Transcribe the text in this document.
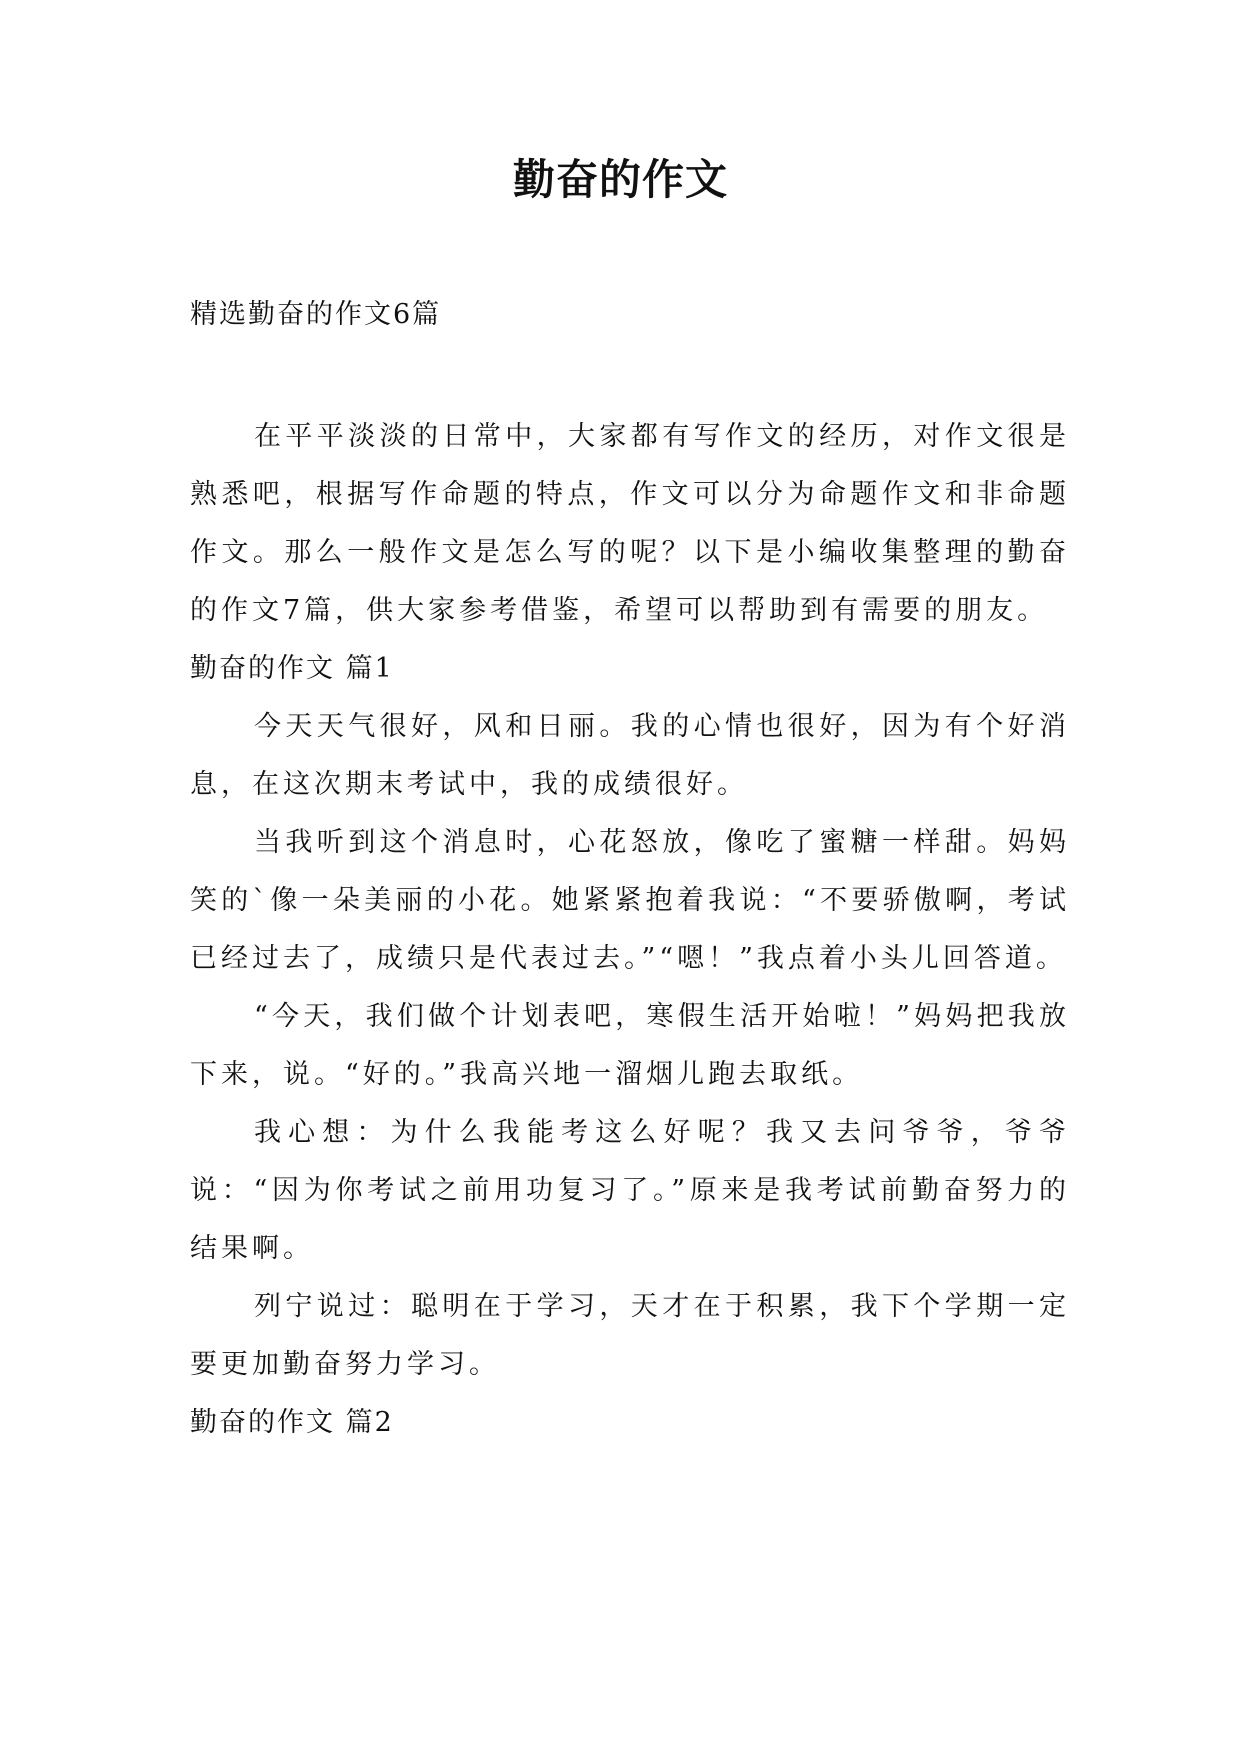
勤奋的作文

精选勤奋的作文6篇

在平平淡淡的日常中，大家都有写作文的经历，对作文很是熟悉吧，根据写作命题的特点，作文可以分为命题作文和非命题作文。那么一般作文是怎么写的呢？以下是小编收集整理的勤奋的作文7篇，供大家参考借鉴，希望可以帮助到有需要的朋友。

勤奋的作文 篇1

今天天气很好，风和日丽。我的心情也很好，因为有个好消息，在这次期末考试中，我的成绩很好。

当我听到这个消息时，心花怒放，像吃了蜜糖一样甜。妈妈笑的`像一朵美丽的小花。她紧紧抱着我说：“不要骄傲啊，考试已经过去了，成绩只是代表过去。”“嗯！”我点着小头儿回答道。

“今天，我们做个计划表吧，寒假生活开始啦！”妈妈把我放下来，说。“好的。”我高兴地一溜烟儿跑去取纸。

我心想：为什么我能考这么好呢？我又去问爷爷，爷爷说：“因为你考试之前用功复习了。”原来是我考试前勤奋努力的结果啊。

列宁说过：聪明在于学习，天才在于积累，我下个学期一定要更加勤奋努力学习。

勤奋的作文 篇2
